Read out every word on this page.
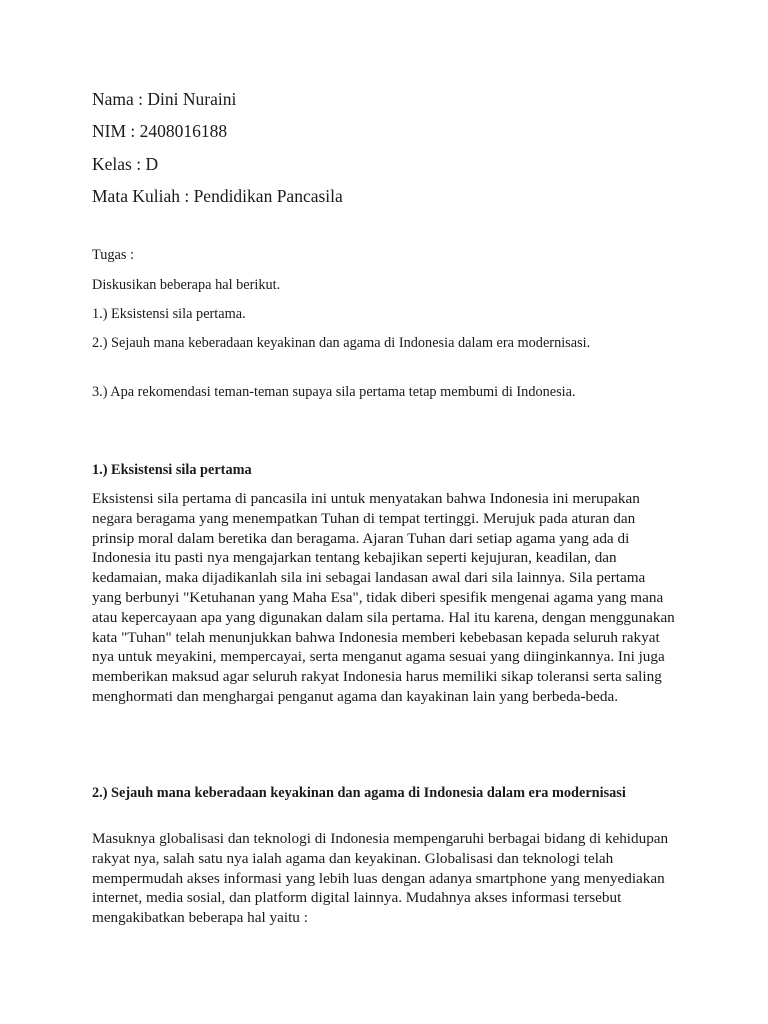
Nama : Dini Nuraini
NIM : 2408016188
Kelas : D
Mata Kuliah : Pendidikan Pancasila
Tugas :
Diskusikan beberapa hal berikut.
1.) Eksistensi sila pertama.
2.) Sejauh mana keberadaan keyakinan dan agama di Indonesia dalam era modernisasi.
3.) Apa rekomendasi teman-teman supaya sila pertama tetap membumi di Indonesia.
1.) Eksistensi sila pertama
Eksistensi sila pertama di pancasila ini untuk menyatakan bahwa Indonesia ini merupakan negara beragama yang menempatkan Tuhan di tempat tertinggi. Merujuk pada aturan dan prinsip moral dalam beretika dan beragama. Ajaran Tuhan dari setiap agama yang ada di Indonesia itu pasti nya mengajarkan tentang kebajikan seperti kejujuran, keadilan, dan kedamaian, maka dijadikanlah sila ini sebagai landasan awal dari sila lainnya. Sila pertama yang berbunyi "Ketuhanan yang Maha Esa", tidak diberi spesifik mengenai agama yang mana atau kepercayaan apa yang digunakan dalam sila pertama. Hal itu karena, dengan menggunakan kata "Tuhan" telah menunjukkan bahwa Indonesia memberi kebebasan kepada seluruh rakyat nya untuk meyakini, mempercayai, serta menganut agama sesuai yang diinginkannya. Ini juga memberikan maksud agar seluruh rakyat Indonesia harus memiliki sikap toleransi serta saling menghormati dan menghargai penganut agama dan kayakinan lain yang berbeda-beda.
2.) Sejauh mana keberadaan keyakinan dan agama di Indonesia dalam era modernisasi
Masuknya globalisasi dan teknologi di Indonesia mempengaruhi berbagai bidang di kehidupan rakyat nya, salah satu nya ialah agama dan keyakinan. Globalisasi dan teknologi telah mempermudah akses informasi yang lebih luas dengan adanya smartphone yang menyediakan internet, media sosial, dan platform digital lainnya. Mudahnya akses informasi tersebut mengakibatkan beberapa hal yaitu :
